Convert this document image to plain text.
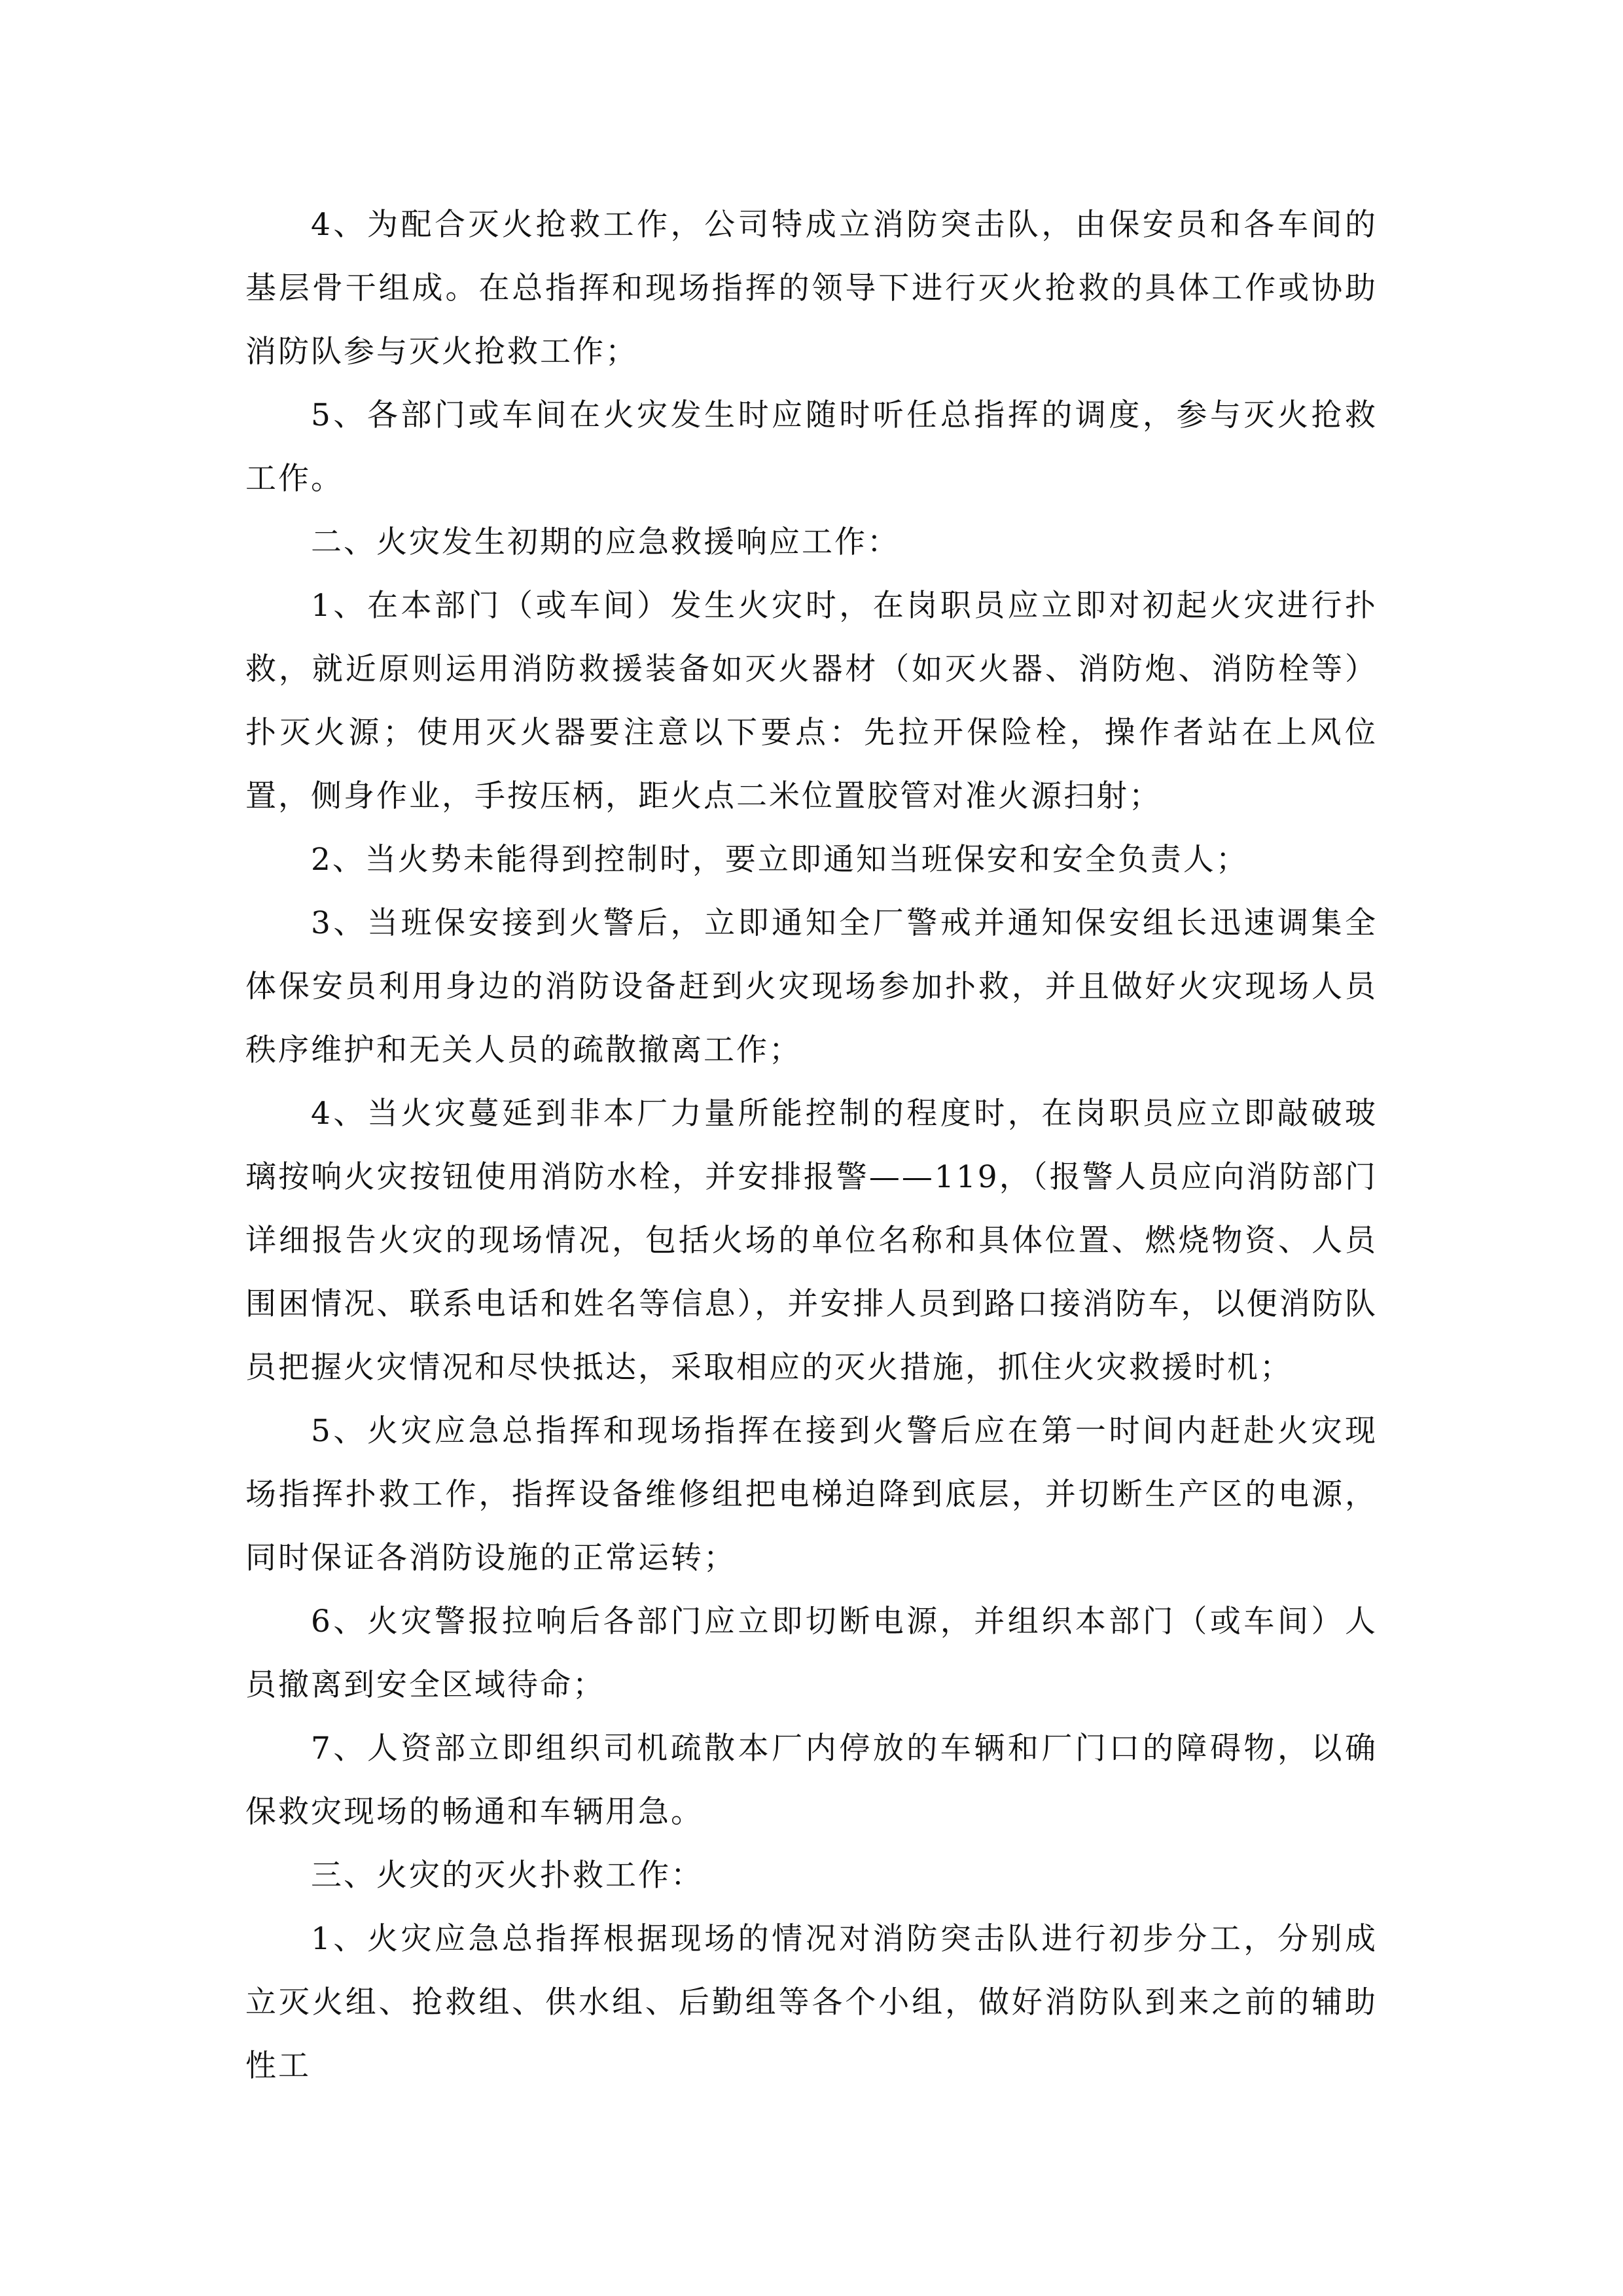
4、为配合灭火抢救工作，公司特成立消防突击队，由保安员和各车间的基层骨干组成。在总指挥和现场指挥的领导下进行灭火抢救的具体工作或协助消防队参与灭火抢救工作；

5、各部门或车间在火灾发生时应随时听任总指挥的调度，参与灭火抢救工作。

二、火灾发生初期的应急救援响应工作：

1、在本部门（或车间）发生火灾时，在岗职员应立即对初起火灾进行扑救，就近原则运用消防救援装备如灭火器材（如灭火器、消防炮、消防栓等）扑灭火源；使用灭火器要注意以下要点：先拉开保险栓，操作者站在上风位置，侧身作业，手按压柄，距火点二米位置胶管对准火源扫射；

2、当火势未能得到控制时，要立即通知当班保安和安全负责人；

3、当班保安接到火警后，立即通知全厂警戒并通知保安组长迅速调集全体保安员利用身边的消防设备赶到火灾现场参加扑救，并且做好火灾现场人员秩序维护和无关人员的疏散撤离工作；

4、当火灾蔓延到非本厂力量所能控制的程度时，在岗职员应立即敲破玻璃按响火灾按钮使用消防水栓，并安排报警——119，（报警人员应向消防部门详细报告火灾的现场情况，包括火场的单位名称和具体位置、燃烧物资、人员围困情况、联系电话和姓名等信息），并安排人员到路口接消防车，以便消防队员把握火灾情况和尽快抵达，采取相应的灭火措施，抓住火灾救援时机；

5、火灾应急总指挥和现场指挥在接到火警后应在第一时间内赶赴火灾现场指挥扑救工作，指挥设备维修组把电梯迫降到底层，并切断生产区的电源，同时保证各消防设施的正常运转；

6、火灾警报拉响后各部门应立即切断电源，并组织本部门（或车间）人员撤离到安全区域待命；

7、人资部立即组织司机疏散本厂内停放的车辆和厂门口的障碍物，以确保救灾现场的畅通和车辆用急。

三、火灾的灭火扑救工作：

1、火灾应急总指挥根据现场的情况对消防突击队进行初步分工，分别成立灭火组、抢救组、供水组、后勤组等各个小组，做好消防队到来之前的辅助性工
